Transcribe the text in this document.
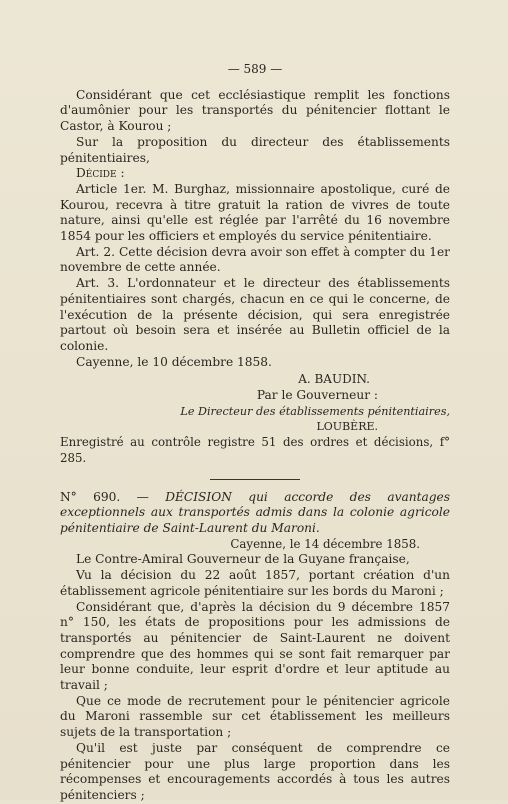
— 589 —

Considérant que cet ecclésiastique remplit les fonctions d'aumônier pour les transportés du pénitencier flottant le Castor, à Kourou ;

Sur la proposition du directeur des établissements pénitentiaires,

Décide :

Article 1er. M. Burghaz, missionnaire apostolique, curé de Kourou, recevra à titre gratuit la ration de vivres de toute nature, ainsi qu'elle est réglée par l'arrêté du 16 novembre 1854 pour les officiers et employés du service pénitentiaire.

Art. 2. Cette décision devra avoir son effet à compter du 1er novembre de cette année.

Art. 3. L'ordonnateur et le directeur des établissements pénitentiaires sont chargés, chacun en ce qui le concerne, de l'exécution de la présente décision, qui sera enregistrée partout où besoin sera et insérée au Bulletin officiel de la colonie.

Cayenne, le 10 décembre 1858.

A. BAUDIN.
Par le Gouverneur :
Le Directeur des établissements pénitentiaires,
LOUBÈRE.

Enregistré au contrôle registre 51 des ordres et décisions, f° 285.

N° 690. — DÉCISION qui accorde des avantages exceptionnels aux transportés admis dans la colonie agricole pénitentiaire de Saint-Laurent du Maroni.

Cayenne, le 14 décembre 1858.

Le Contre-Amiral Gouverneur de la Guyane française,

Vu la décision du 22 août 1857, portant création d'un établissement agricole pénitentiaire sur les bords du Maroni ;

Considérant que, d'après la décision du 9 décembre 1857 n° 150, les états de propositions pour les admissions de transportés au pénitencier de Saint-Laurent ne doivent comprendre que des hommes qui se sont fait remarquer par leur bonne conduite, leur esprit d'ordre et leur aptitude au travail ;

Que ce mode de recrutement pour le pénitencier agricole du Maroni rassemble sur cet établissement les meilleurs sujets de la transportation ;

Qu'il est juste par conséquent de comprendre ce pénitencier pour une plus large proportion dans les récompenses et encouragements accordés à tous les autres pénitenciers ;
